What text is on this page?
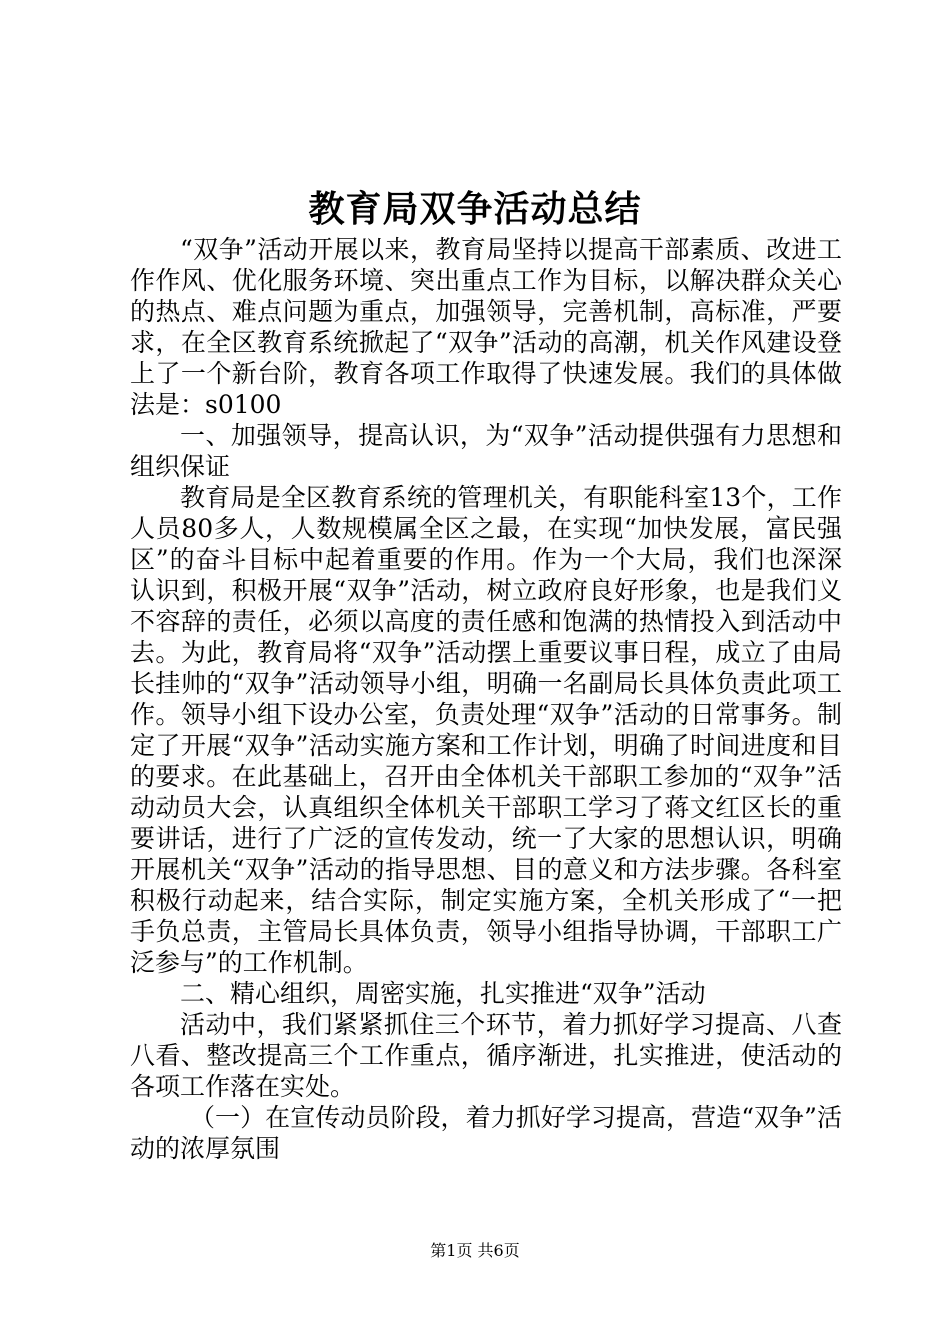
教育局双争活动总结

“双争”活动开展以来，教育局坚持以提高干部素质、改进工作作风、优化服务环境、突出重点工作为目标，以解决群众关心的热点、难点问题为重点，加强领导，完善机制，高标准，严要求，在全区教育系统掀起了“双争”活动的高潮，机关作风建设登上了一个新台阶，教育各项工作取得了快速发展。我们的具体做法是：s0100

一、加强领导，提高认识，为“双争”活动提供强有力思想和组织保证

教育局是全区教育系统的管理机关，有职能科室13个，工作人员80多人，人数规模属全区之最，在实现“加快发展，富民强区”的奋斗目标中起着重要的作用。作为一个大局，我们也深深认识到，积极开展“双争”活动，树立政府良好形象，也是我们义不容辞的责任，必须以高度的责任感和饱满的热情投入到活动中去。为此，教育局将“双争”活动摆上重要议事日程，成立了由局长挂帅的“双争”活动领导小组，明确一名副局长具体负责此项工作。领导小组下设办公室，负责处理“双争”活动的日常事务。制定了开展“双争”活动实施方案和工作计划，明确了时间进度和目的要求。在此基础上，召开由全体机关干部职工参加的“双争”活动动员大会，认真组织全体机关干部职工学习了蒋文红区长的重要讲话，进行了广泛的宣传发动，统一了大家的思想认识，明确开展机关“双争”活动的指导思想、目的意义和方法步骤。各科室积极行动起来，结合实际，制定实施方案，全机关形成了“一把手负总责，主管局长具体负责，领导小组指导协调，干部职工广泛参与”的工作机制。

二、精心组织，周密实施，扎实推进“双争”活动

活动中，我们紧紧抓住三个环节，着力抓好学习提高、八查八看、整改提高三个工作重点，循序渐进，扎实推进，使活动的各项工作落在实处。

（一）在宣传动员阶段，着力抓好学习提高，营造“双争”活动的浓厚氛围

第1页 共6页
